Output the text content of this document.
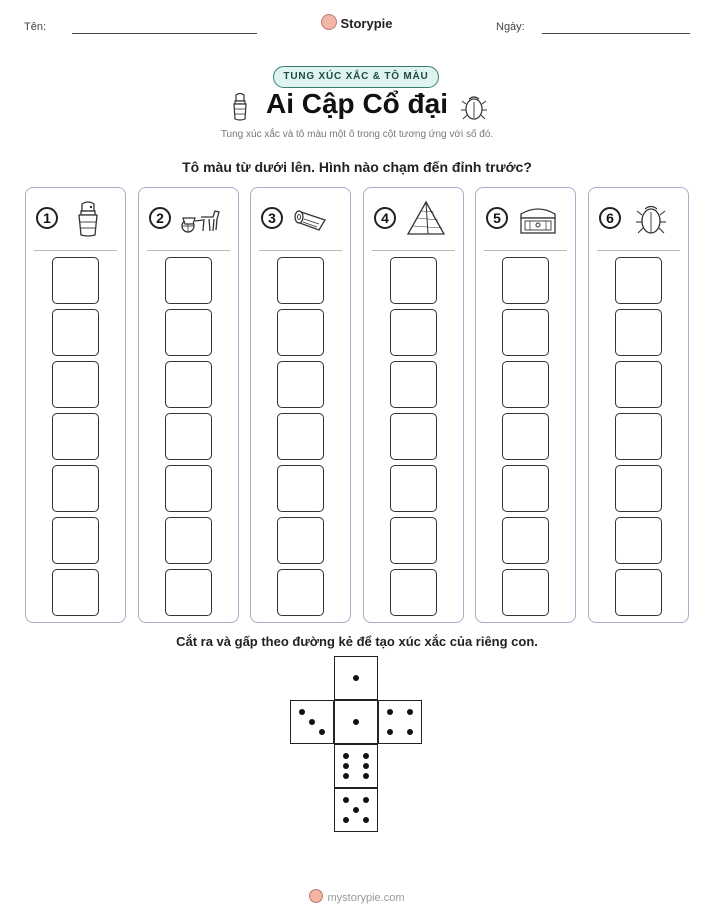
Tên:	Storypie	Ngày:
TUNG XÚC XẮC & TÔ MÀU
Ai Cập Cổ đại
Tung xúc xắc và tô màu một ô trong cột tương ứng với số đó.
Tô màu từ dưới lên. Hình nào chạm đến đỉnh trước?
1	2	3	4	5	6
Cắt ra và gấp theo đường kẻ để tạo xúc xắc của riêng con.
mystorypie.com
